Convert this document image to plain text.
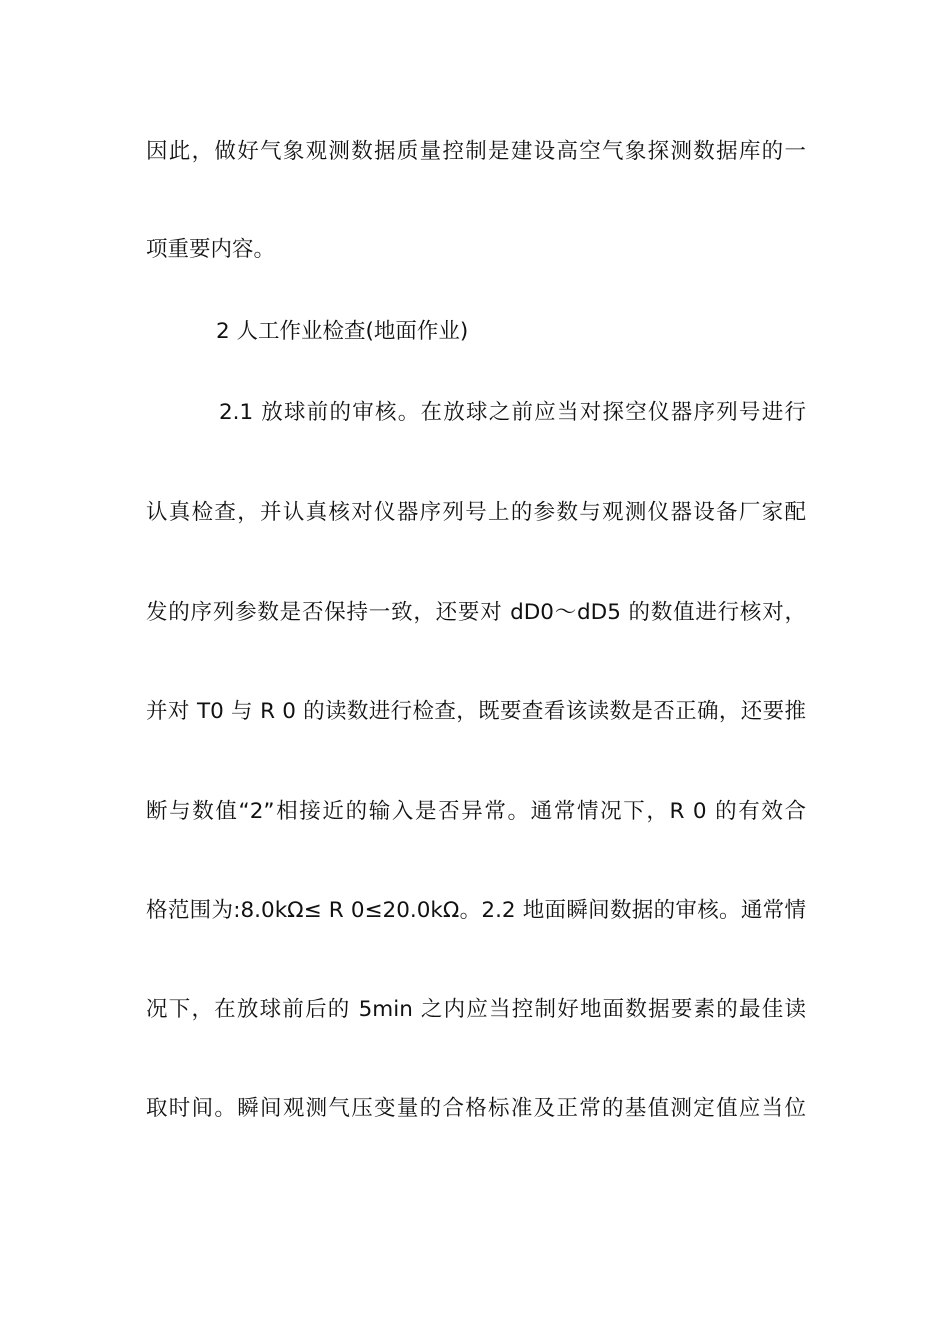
因此，做好气象观测数据质量控制是建设高空气象探测数据库的一
项重要内容。
2 人工作业检查(地面作业)
2.1 放球前的审核。在放球之前应当对探空仪器序列号进行
认真检查，并认真核对仪器序列号上的参数与观测仪器设备厂家配
发的序列参数是否保持一致，还要对 dD0～dD5 的数值进行核对，
并对 T0 与 R 0 的读数进行检查，既要查看该读数是否正确，还要推
断与数值“2”相接近的输入是否异常。通常情况下，R 0 的有效合
格范围为:8.0kΩ≤ R 0≤20.0kΩ。2.2 地面瞬间数据的审核。通常情
况下，在放球前后的 5min 之内应当控制好地面数据要素的最佳读
取时间。瞬间观测气压变量的合格标准及正常的基值测定值应当位
